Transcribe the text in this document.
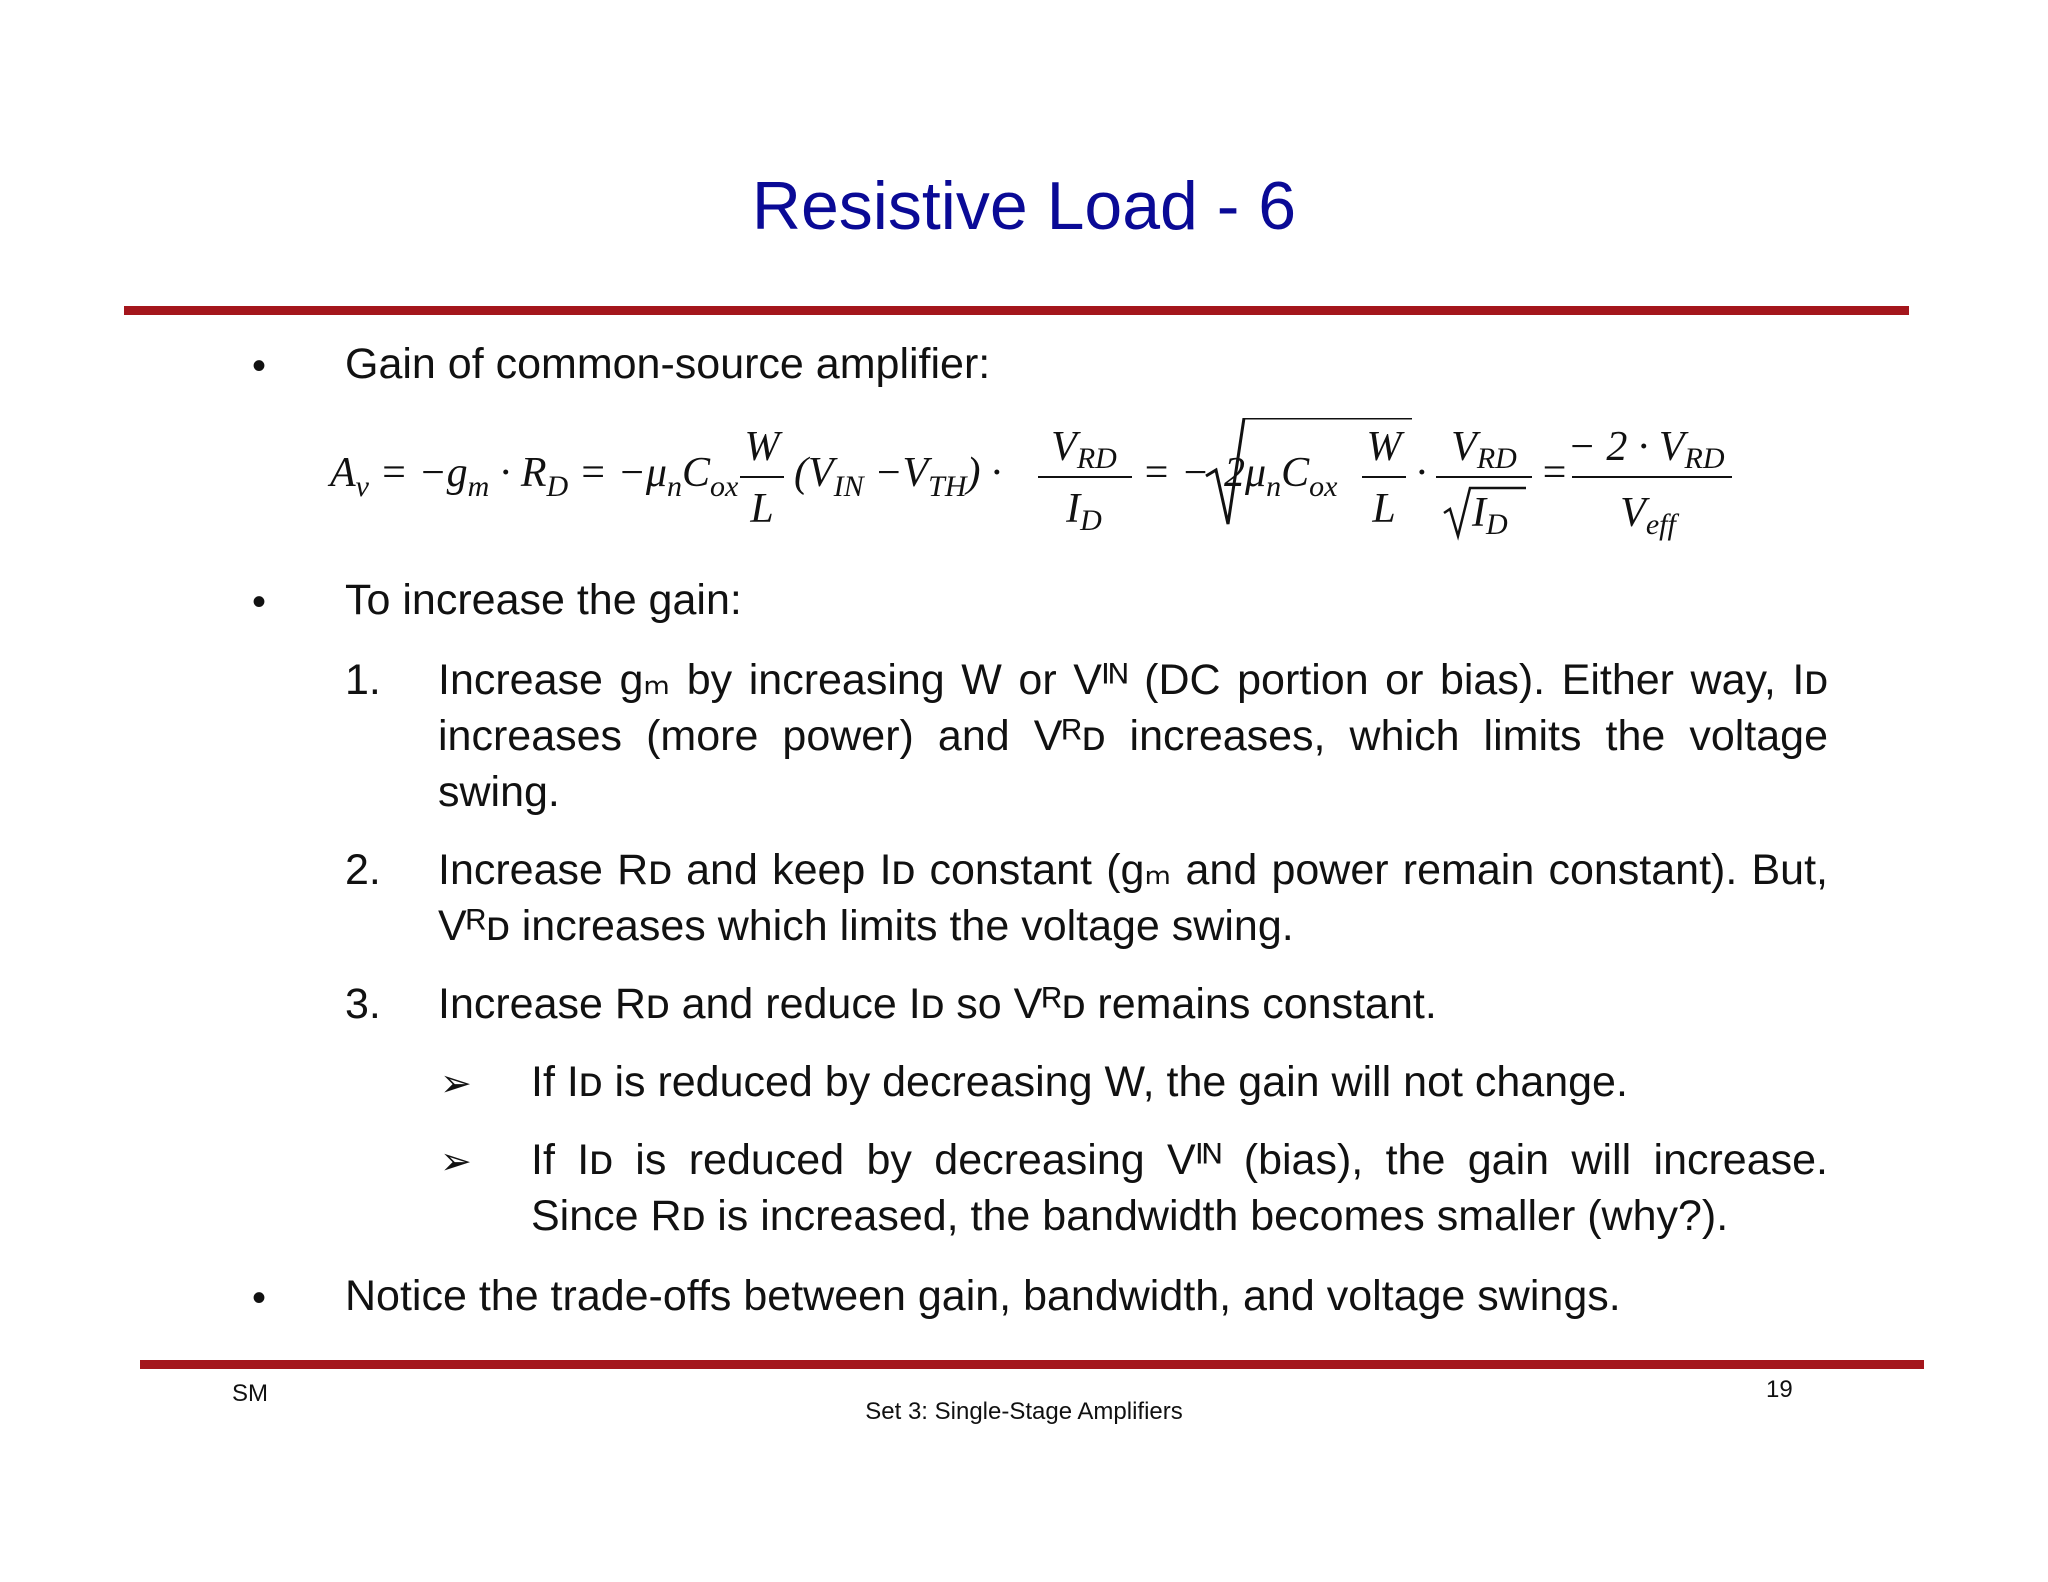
Resistive Load - 6
• Gain of common-source amplifier:
$A_v = -g_m \cdot R_D = -\mu_nC_{ox}$
W
L
$(V_{IN} -V_{TH})$ ·
VRD
ID
= − $2\mu_nC_{ox}$
W
L
·
VRD
ID
=
− 2 · VRD
Veff
• To increase the gain:
1. Increase gₘ by increasing W or Vᴵᴺ (DC portion or bias). Either way, Iᴅ increases (more power) and Vᴿᴅ increases, which limits the voltage swing.

2. Increase Rᴅ and keep Iᴅ constant (gₘ and power remain constant). But, Vᴿᴅ increases which limits the voltage swing.

3. Increase Rᴅ and reduce Iᴅ so Vᴿᴅ remains constant.

➢ If Iᴅ is reduced by decreasing W, the gain will not change.

➢ If Iᴅ is reduced by decreasing Vᴵᴺ (bias), the gain will increase. Since Rᴅ is increased, the bandwidth becomes smaller (why?).

• Notice the trade-offs between gain, bandwidth, and voltage swings.
SM
Set 3: Single-Stage Amplifiers
19
